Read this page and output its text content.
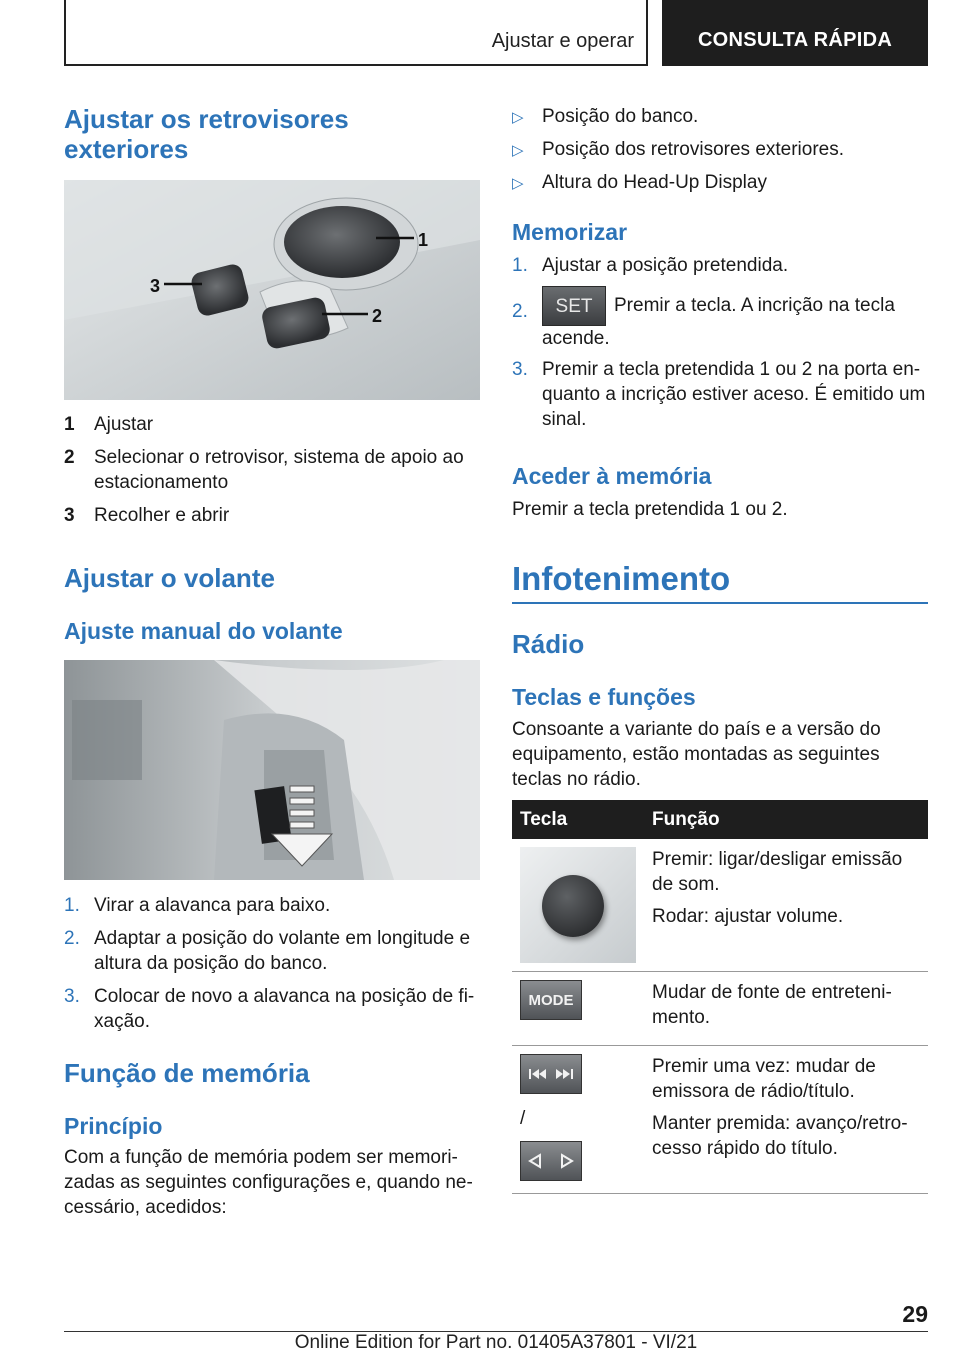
Ajustar e operar	CONSULTA RÁPIDA
Ajustar os retrovisores
exteriores
1
2
3
1	Ajustar
2	Selecionar o retrovisor, sistema de apoio ao estacionamento
3	Recolher e abrir
Ajustar o volante
Ajuste manual do volante
1. Virar a alavanca para baixo.
2. Adaptar a posição do volante em longitude e altura da posição do banco.
3. Colocar de novo a alavanca na posição de fixação.
Função de memória
Princípio
Com a função de memória podem ser memorizadas as seguintes configurações e, quando necessário, acedidos:
▷ Posição do banco.
▷ Posição dos retrovisores exteriores.
▷ Altura do Head-Up Display
Memorizar
1. Ajustar a posição pretendida.
2.	SET Premir a tecla. A incrição na tecla acende.
3. Premir a tecla pretendida 1 ou 2 na porta enquanto a incrição estiver aceso. É emitido um sinal.
Aceder à memória
Premir a tecla pretendida 1 ou 2.
Infotenimento
Rádio
Teclas e funções
Consoante a variante do país e a versão do equipamento, estão montadas as seguintes teclas no rádio.
Tecla	Função

	Premir: ligar/desligar emissão de som.

Rodar: ajustar volume.

MODE	Mudar de fonte de entretenimento.

/	Premir uma vez: mudar de emissora de rádio/título.

Manter premida: avanço/retrocesso rápido do título.

29
Online Edition for Part no. 01405A37801 - VI/21
